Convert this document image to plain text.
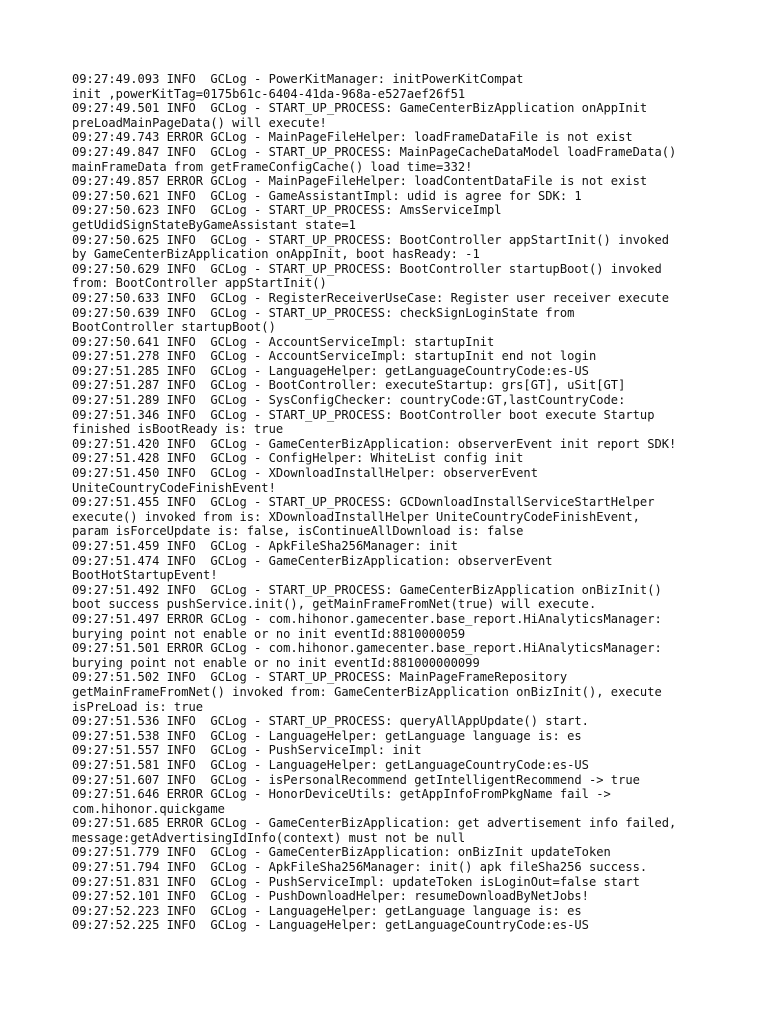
09:27:49.093 INFO  GCLog - PowerKitManager: initPowerKitCompat

init ,powerKitTag=0175b61c-6404-41da-968a-e527aef26f51

09:27:49.501 INFO  GCLog - START_UP_PROCESS: GameCenterBizApplication onAppInit

preLoadMainPageData() will execute!

09:27:49.743 ERROR GCLog - MainPageFileHelper: loadFrameDataFile is not exist

09:27:49.847 INFO  GCLog - START_UP_PROCESS: MainPageCacheDataModel loadFrameData()

mainFrameData from getFrameConfigCache() load time=332!

09:27:49.857 ERROR GCLog - MainPageFileHelper: loadContentDataFile is not exist

09:27:50.621 INFO  GCLog - GameAssistantImpl: udid is agree for SDK: 1

09:27:50.623 INFO  GCLog - START_UP_PROCESS: AmsServiceImpl

getUdidSignStateByGameAssistant state=1

09:27:50.625 INFO  GCLog - START_UP_PROCESS: BootController appStartInit() invoked

by GameCenterBizApplication onAppInit, boot hasReady: -1

09:27:50.629 INFO  GCLog - START_UP_PROCESS: BootController startupBoot() invoked

from: BootController appStartInit()

09:27:50.633 INFO  GCLog - RegisterReceiverUseCase: Register user receiver execute

09:27:50.639 INFO  GCLog - START_UP_PROCESS: checkSignLoginState from

BootController startupBoot()

09:27:50.641 INFO  GCLog - AccountServiceImpl: startupInit

09:27:51.278 INFO  GCLog - AccountServiceImpl: startupInit end not login

09:27:51.285 INFO  GCLog - LanguageHelper: getLanguageCountryCode:es-US

09:27:51.287 INFO  GCLog - BootController: executeStartup: grs[GT], uSit[GT]

09:27:51.289 INFO  GCLog - SysConfigChecker: countryCode:GT,lastCountryCode:

09:27:51.346 INFO  GCLog - START_UP_PROCESS: BootController boot execute Startup

finished isBootReady is: true

09:27:51.420 INFO  GCLog - GameCenterBizApplication: observerEvent init report SDK!

09:27:51.428 INFO  GCLog - ConfigHelper: WhiteList config init

09:27:51.450 INFO  GCLog - XDownloadInstallHelper: observerEvent

UniteCountryCodeFinishEvent!

09:27:51.455 INFO  GCLog - START_UP_PROCESS: GCDownloadInstallServiceStartHelper

execute() invoked from is: XDownloadInstallHelper UniteCountryCodeFinishEvent,

param isForceUpdate is: false, isContinueAllDownload is: false

09:27:51.459 INFO  GCLog - ApkFileSha256Manager: init

09:27:51.474 INFO  GCLog - GameCenterBizApplication: observerEvent

BootHotStartupEvent!

09:27:51.492 INFO  GCLog - START_UP_PROCESS: GameCenterBizApplication onBizInit()

boot success pushService.init(), getMainFrameFromNet(true) will execute.

09:27:51.497 ERROR GCLog - com.hihonor.gamecenter.base_report.HiAnalyticsManager:

burying point not enable or no init eventId:8810000059

09:27:51.501 ERROR GCLog - com.hihonor.gamecenter.base_report.HiAnalyticsManager:

burying point not enable or no init eventId:881000000099

09:27:51.502 INFO  GCLog - START_UP_PROCESS: MainPageFrameRepository

getMainFrameFromNet() invoked from: GameCenterBizApplication onBizInit(), execute

isPreLoad is: true

09:27:51.536 INFO  GCLog - START_UP_PROCESS: queryAllAppUpdate() start.

09:27:51.538 INFO  GCLog - LanguageHelper: getLanguage language is: es

09:27:51.557 INFO  GCLog - PushServiceImpl: init

09:27:51.581 INFO  GCLog - LanguageHelper: getLanguageCountryCode:es-US

09:27:51.607 INFO  GCLog - isPersonalRecommend getIntelligentRecommend -> true

09:27:51.646 ERROR GCLog - HonorDeviceUtils: getAppInfoFromPkgName fail ->

com.hihonor.quickgame

09:27:51.685 ERROR GCLog - GameCenterBizApplication: get advertisement info failed,

message:getAdvertisingIdInfo(context) must not be null

09:27:51.779 INFO  GCLog - GameCenterBizApplication: onBizInit updateToken

09:27:51.794 INFO  GCLog - ApkFileSha256Manager: init() apk fileSha256 success.

09:27:51.831 INFO  GCLog - PushServiceImpl: updateToken isLoginOut=false start

09:27:52.101 INFO  GCLog - PushDownloadHelper: resumeDownloadByNetJobs!

09:27:52.223 INFO  GCLog - LanguageHelper: getLanguage language is: es

09:27:52.225 INFO  GCLog - LanguageHelper: getLanguageCountryCode:es-US
